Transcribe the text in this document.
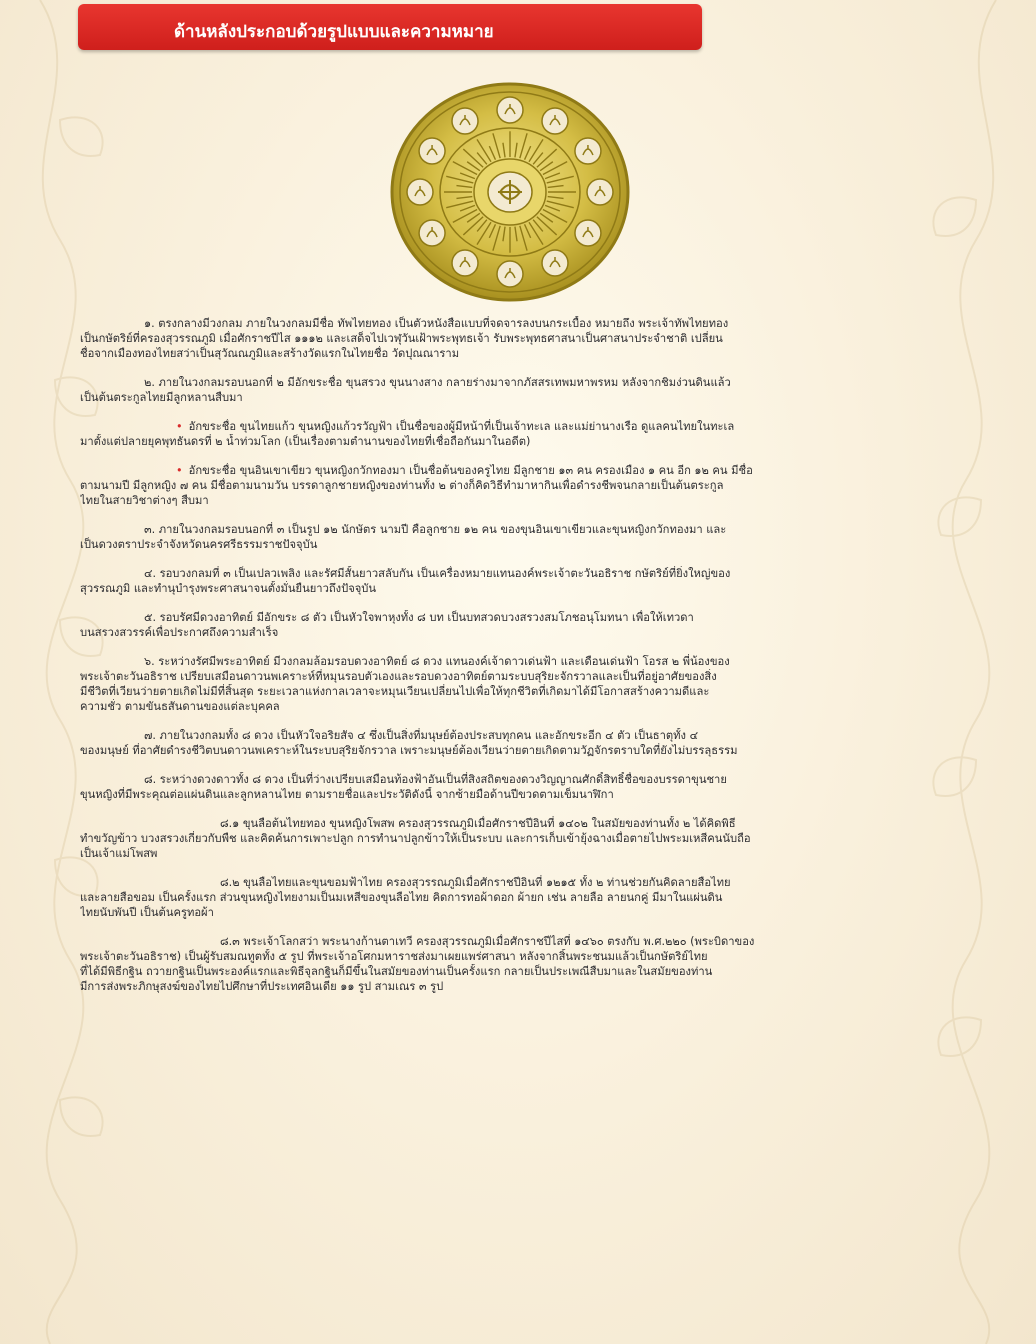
ด้านหลังประกอบด้วยรูปแบบและความหมาย
๑. ตรงกลางมีวงกลม ภายในวงกลมมีชื่อ ทัพไทยทอง เป็นตัวหนังสือแบบที่จดจารลงบนกระเบื้อง หมายถึง พระเจ้าทัพไทยทอง
เป็นกษัตริย์ที่ครองสุวรรณภูมิ เมื่อศักราชปีไส ๑๑๑๒ และเสด็จไปเวฬุวันเฝ้าพระพุทธเจ้า รับพระพุทธศาสนาเป็นศาสนาประจำชาติ เปลี่ยน
ชื่อจากเมืองทองไทยสว่าเป็นสุวัณณภูมิและสร้างวัดแรกในไทยชื่อ วัดปุณณาราม
๒. ภายในวงกลมรอบนอกที่ ๒ มีอักขระชื่อ ขุนสรวง ขุนนางสาง กลายร่างมาจากภัสสรเทพมหาพรหม หลังจากชิมง่วนดินแล้ว
เป็นต้นตระกูลไทยมีลูกหลานสืบมา
• อักขระชื่อ ขุนไทยแก้ว ขุนหญิงแก้วรวัญฟ้า เป็นชื่อของผู้มีหน้าที่เป็นเจ้าทะเล และแม่ย่านางเรือ ดูแลคนไทยในทะเล
มาตั้งแต่ปลายยุคพุทธันดรที่ ๒ น้ำท่วมโลก (เป็นเรื่องตามตำนานของไทยที่เชื่อถือกันมาในอดีต)
• อักขระชื่อ ขุนอินเขาเขียว ขุนหญิงกวักทองมา เป็นชื่อต้นของครูไทย มีลูกชาย ๑๓ คน ครองเมือง ๑ คน อีก ๑๒ คน มีชื่อ
ตามนามปี มีลูกหญิง ๗ คน มีชื่อตามนามวัน บรรดาลูกชายหญิงของท่านทั้ง ๒ ต่างก็คิดวิธีทำมาหากินเพื่อดำรงชีพจนกลายเป็นต้นตระกูล
ไทยในสายวิชาต่างๆ สืบมา
๓. ภายในวงกลมรอบนอกที่ ๓ เป็นรูป ๑๒ นักษัตร นามปี คือลูกชาย ๑๒ คน ของขุนอินเขาเขียวและขุนหญิงกวักทองมา และ
เป็นดวงตราประจำจังหวัดนครศรีธรรมราชปัจจุบัน
๔. รอบวงกลมที่ ๓ เป็นเปลวเพลิง และรัศมีสั้นยาวสลับกัน เป็นเครื่องหมายแทนองค์พระเจ้าตะวันอธิราช กษัตริย์ที่ยิ่งใหญ่ของ
สุวรรณภูมิ และทำนุบำรุงพระศาสนาจนตั้งมั่นยืนยาวถึงปัจจุบัน
๕. รอบรัศมีดวงอาทิตย์ มีอักขระ ๘ ตัว เป็นหัวใจพาหุงทั้ง ๘ บท เป็นบทสวดบวงสรวงสมโภชอนุโมทนา เพื่อให้เทวดา
บนสรวงสวรรค์เพื่อประกาศถึงความสำเร็จ
๖. ระหว่างรัศมีพระอาทิตย์ มีวงกลมล้อมรอบดวงอาทิตย์ ๘ ดวง แทนองค์เจ้าดาวเด่นฟ้า และเดือนเด่นฟ้า โอรส ๒ พี่น้องของ
พระเจ้าตะวันอธิราช เปรียบเสมือนดาวนพเคราะห์ที่หมุนรอบตัวเองและรอบดวงอาทิตย์ตามระบบสุริยะจักรวาลและเป็นที่อยู่อาศัยของสิ่ง
มีชีวิตที่เวียนว่ายตายเกิดไม่มีที่สิ้นสุด ระยะเวลาแห่งกาลเวลาจะหมุนเวียนเปลี่ยนไปเพื่อให้ทุกชีวิตที่เกิดมาได้มีโอกาสสร้างความดีและ
ความชั่ว ตามขันธสันดานของแต่ละบุคคล
๗. ภายในวงกลมทั้ง ๘ ดวง เป็นหัวใจอริยสัจ ๔ ซึ่งเป็นสิ่งที่มนุษย์ต้องประสบทุกคน และอักขระอีก ๔ ตัว เป็นธาตุทั้ง ๔
ของมนุษย์ ที่อาศัยดำรงชีวิตบนดาวนพเคราะห์ในระบบสุริยจักรวาล เพราะมนุษย์ต้องเวียนว่ายตายเกิดตามวัฏจักรตราบใดที่ยังไม่บรรลุธรรม
๘. ระหว่างดวงดาวทั้ง ๘ ดวง เป็นที่ว่างเปรียบเสมือนท้องฟ้าอันเป็นที่สิงสถิตของดวงวิญญาณศักดิ์สิทธิ์ชื่อของบรรดาขุนชาย
ขุนหญิงที่มีพระคุณต่อแผ่นดินและลูกหลานไทย ตามรายชื่อและประวัติดังนี้ จากซ้ายมือด้านปีขวดตามเข็มนาฬิกา
๘.๑ ขุนลือต้นไทยทอง ขุนหญิงโพสพ ครองสุวรรณภูมิเมื่อศักราชปีอินที่ ๑๔๐๒ ในสมัยของท่านทั้ง ๒ ได้คิดพิธี
ทำขวัญข้าว บวงสรวงเกี่ยวกับพืช และคิดค้นการเพาะปลูก การทำนาปลูกข้าวให้เป็นระบบ และการเก็บเข้ายุ้งฉางเมื่อตายไปพระมเหสีคนนับถือ
เป็นเจ้าแม่โพสพ
๘.๒ ขุนลือไทยและขุนขอมฟ้าไทย ครองสุวรรณภูมิเมื่อศักราชปีอินที่ ๑๒๑๕ ทั้ง ๒ ท่านช่วยกันคิดลายสือไทย
และลายสือขอม เป็นครั้งแรก ส่วนขุนหญิงไทยงามเป็นมเหสีของขุนลือไทย คิดการทอผ้าดอก ผ้ายก เช่น ลายลือ ลายนกคู่ มีมาในแผ่นดิน
ไทยนับพันปี เป็นต้นครูทอผ้า
๘.๓ พระเจ้าโลกสว่า พระนางก้านตาเทวี ครองสุวรรณภูมิเมื่อศักราชปีไสที่ ๑๔๖๐ ตรงกับ พ.ศ.๒๒๐ (พระบิดาของ
พระเจ้าตะวันอธิราช) เป็นผู้รับสมณทูตทั้ง ๕ รูป ที่พระเจ้าอโศกมหาราชส่งมาเผยแพร่ศาสนา หลังจากสิ้นพระชนมแล้วเป็นกษัตริย์ไทย
ที่ได้มีพิธีกฐิน ถวายกฐินเป็นพระองค์แรกและพิธีจุลกฐินก็มีขึ้นในสมัยของท่านเป็นครั้งแรก กลายเป็นประเพณีสืบมาและในสมัยของท่าน
มีการส่งพระภิกษุสงฆ์ของไทยไปศึกษาที่ประเทศอินเดีย ๑๑ รูป สามเณร ๓ รูป
